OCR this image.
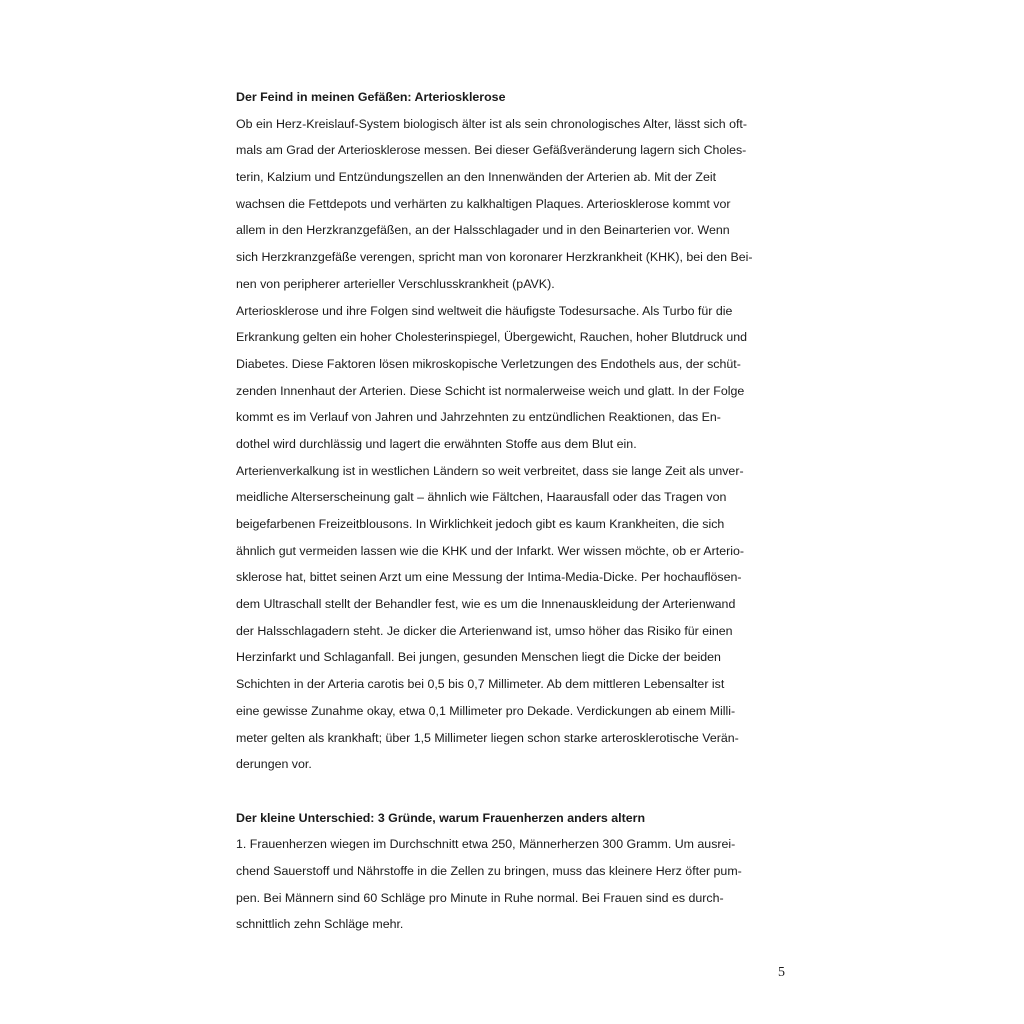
Der Feind in meinen Gefäßen: Arteriosklerose
Ob ein Herz-Kreislauf-System biologisch älter ist als sein chronologisches Alter, lässt sich oft-
mals am Grad der Arteriosklerose messen. Bei dieser Gefäßveränderung lagern sich Choles-
terin, Kalzium und Entzündungszellen an den Innenwänden der Arterien ab. Mit der Zeit
wachsen die Fettdepots und verhärten zu kalkhaltigen Plaques. Arteriosklerose kommt vor
allem in den Herzkranzgefäßen, an der Halsschlagader und in den Beinarterien vor. Wenn
sich Herzkranzgefäße verengen, spricht man von koronarer Herzkrankheit (KHK), bei den Bei-
nen von peripherer arterieller Verschlusskrankheit (pAVK).
Arteriosklerose und ihre Folgen sind weltweit die häufigste Todesursache. Als Turbo für die
Erkrankung gelten ein hoher Cholesterinspiegel, Übergewicht, Rauchen, hoher Blutdruck und
Diabetes. Diese Faktoren lösen mikroskopische Verletzungen des Endothels aus, der schüt-
zenden Innenhaut der Arterien. Diese Schicht ist normalerweise weich und glatt. In der Folge
kommt es im Verlauf von Jahren und Jahrzehnten zu entzündlichen Reaktionen, das En-
dothel wird durchlässig und lagert die erwähnten Stoffe aus dem Blut ein.
Arterienverkalkung ist in westlichen Ländern so weit verbreitet, dass sie lange Zeit als unver-
meidliche Alterserscheinung galt – ähnlich wie Fältchen, Haarausfall oder das Tragen von
beigefarbenen Freizeitblousons. In Wirklichkeit jedoch gibt es kaum Krankheiten, die sich
ähnlich gut vermeiden lassen wie die KHK und der Infarkt. Wer wissen möchte, ob er Arterio-
sklerose hat, bittet seinen Arzt um eine Messung der Intima-Media-Dicke. Per hochauflösen-
dem Ultraschall stellt der Behandler fest, wie es um die Innenauskleidung der Arterienwand
der Halsschlagadern steht. Je dicker die Arterienwand ist, umso höher das Risiko für einen
Herzinfarkt und Schlaganfall. Bei jungen, gesunden Menschen liegt die Dicke der beiden
Schichten in der Arteria carotis bei 0,5 bis 0,7 Millimeter. Ab dem mittleren Lebensalter ist
eine gewisse Zunahme okay, etwa 0,1 Millimeter pro Dekade. Verdickungen ab einem Milli-
meter gelten als krankhaft; über 1,5 Millimeter liegen schon starke arterosklerotische Verän-
derungen vor.
Der kleine Unterschied: 3 Gründe, warum Frauenherzen anders altern
1. Frauenherzen wiegen im Durchschnitt etwa 250, Männerherzen 300 Gramm. Um ausrei-
chend Sauerstoff und Nährstoffe in die Zellen zu bringen, muss das kleinere Herz öfter pum-
pen. Bei Männern sind 60 Schläge pro Minute in Ruhe normal. Bei Frauen sind es durch-
schnittlich zehn Schläge mehr.
5
